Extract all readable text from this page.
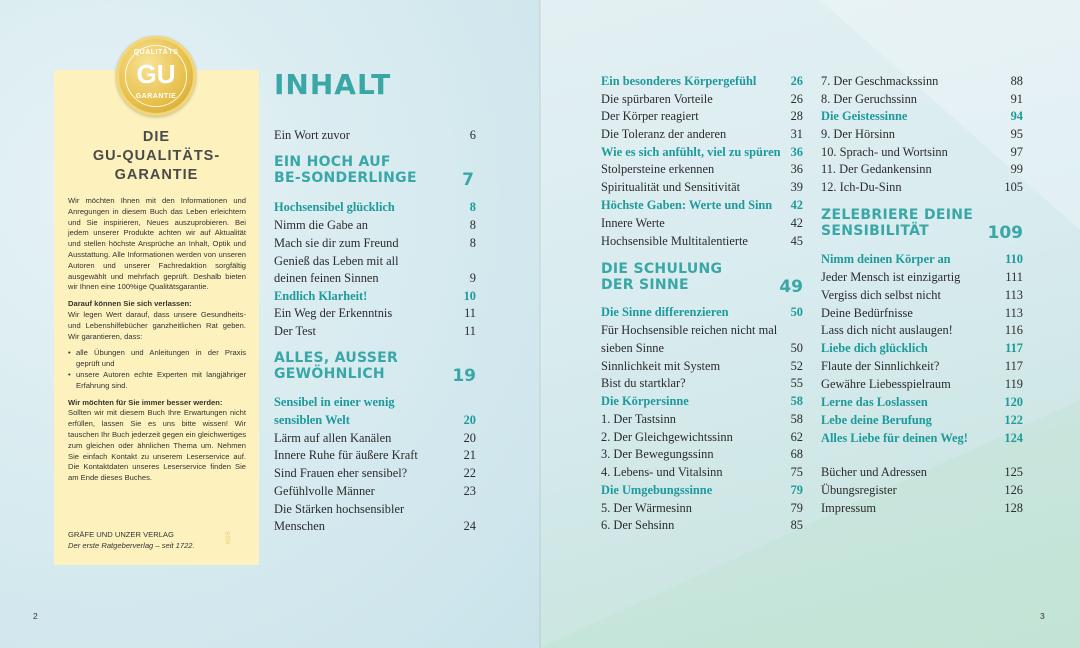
QUALITÄTS
GU
GARANTIE
DIE
GU-QUALITÄTS-
GARANTIE

Wir möchten Ihnen mit den Informationen und Anregungen in diesem Buch das Leben erleichtern und Sie inspirieren, Neues auszuprobieren. Bei jedem unserer Produkte achten wir auf Aktualität und stellen höchste Ansprüche an Inhalt, Optik und Ausstattung. Alle Informationen werden von unseren Autoren und unserer Fachredaktion sorgfältig ausgewählt und mehrfach geprüft. Deshalb bieten wir Ihnen eine 100%ige Qualitätsgarantie.

Darauf können Sie sich verlassen:

Wir legen Wert darauf, dass unsere Gesundheits- und Lebenshilfebücher ganzheitlichen Rat geben. Wir garantieren, dass:

• alle Übungen und Anleitungen in der Praxis geprüft und
• unsere Autoren echte Experten mit langjähriger Erfahrung sind.
Wir möchten für Sie immer besser werden:

Sollten wir mit diesem Buch Ihre Erwartungen nicht erfüllen, lassen Sie es uns bitte wissen! Wir tauschen Ihr Buch jederzeit gegen ein gleichwertiges zum gleichen oder ähnlichen Thema um. Nehmen Sie einfach Kontakt zu unserem Leserservice auf. Die Kontaktdaten unseres Leserservice finden Sie am Ende dieses Buches.

GRÄFE UND UNZER VERLAG
Der erste Ratgeberverlag – seit 1722.
KGS
INHALT
EIN HOCH AUF
BE-SONDERLINGE	7
ALLES, AUSSER
GEWÖHNLICH	19
DIE SCHULUNG
DER SINNE	49
ZELEBRIERE DEINE
SENSIBILITÄT	109
Ein Wort zuvor	6
Hochsensibel glücklich	8
Nimm die Gabe an	8
Mach sie dir zum Freund	8
Genieß das Leben mit all
deinen feinen Sinnen	9
Endlich Klarheit!	10
Ein Weg der Erkenntnis	11
Der Test	11
Sensibel in einer wenig
sensiblen Welt	20
Lärm auf allen Kanälen	20
Innere Ruhe für äußere Kraft	21
Sind Frauen eher sensibel?	22
Gefühlvolle Männer	23
Die Stärken hochsensibler
Menschen	24
Ein besonderes Körpergefühl	26
Die spürbaren Vorteile	26
Der Körper reagiert	28
Die Toleranz der anderen	31
Wie es sich anfühlt, viel zu spüren 36
Stolpersteine erkennen	36
Spiritualität und Sensitivität	39
Höchste Gaben: Werte und Sinn 42
Innere Werte	42
Hochsensible Multitalentierte	45
Die Sinne differenzieren	50
Für Hochsensible reichen nicht mal
sieben Sinne	50
Sinnlichkeit mit System	52
Bist du startklar?	55
Die Körpersinne	58
1. Der Tastsinn	58
2. Der Gleichgewichtssinn	62
3. Der Bewegungssinn	68
4. Lebens- und Vitalsinn	75
Die Umgebungssinne	79
5. Der Wärmesinn	79
6. Der Sehsinn	85
7. Der Geschmackssinn	88
8. Der Geruchssinn	91
Die Geistessinne	94
9. Der Hörsinn	95
10. Sprach- und Wortsinn	97
11. Der Gedankensinn	99
12. Ich-Du-Sinn	105
Nimm deinen Körper an	110
Jeder Mensch ist einzigartig	111
Vergiss dich selbst nicht	113
Deine Bedürfnisse	113
Lass dich nicht auslaugen!	116
Liebe dich glücklich	117
Flaute der Sinnlichkeit?	117
Gewähre Liebesspielraum	119
Lerne das Loslassen	120
Lebe deine Berufung	122
Alles Liebe für deinen Weg!	124
Bücher und Adressen	125
Übungsregister	126
Impressum	128
2	3
